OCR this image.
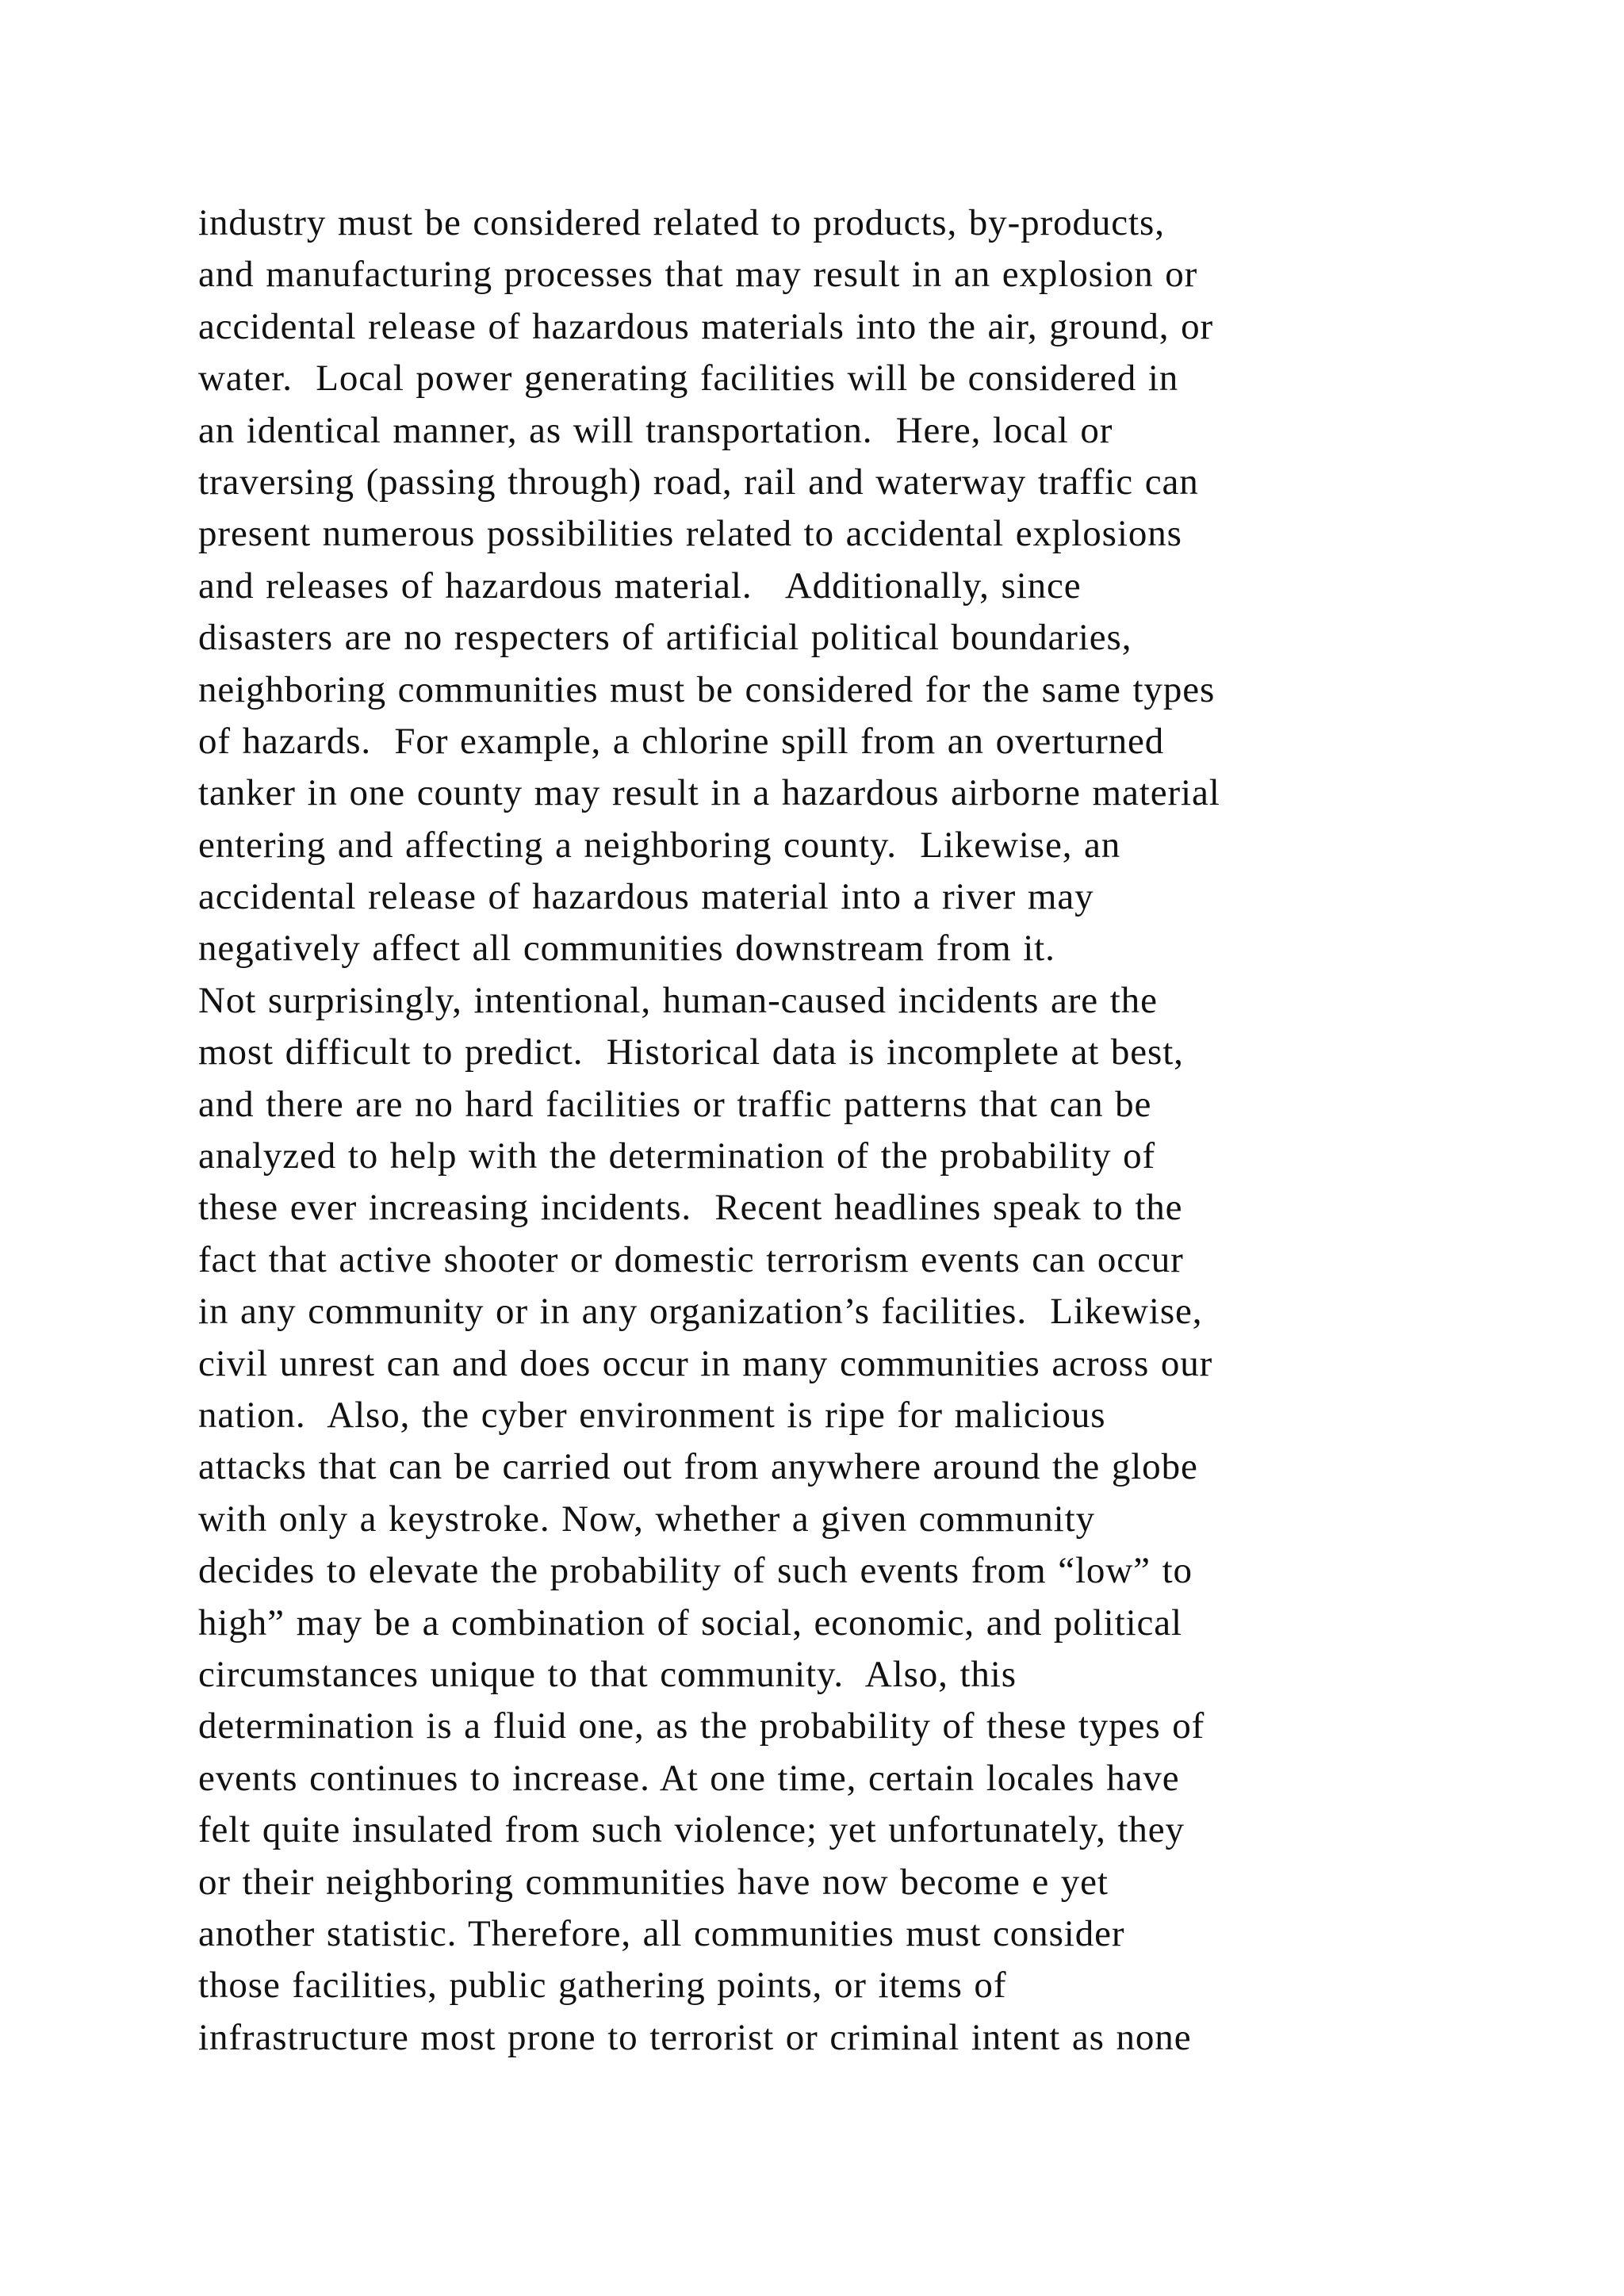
industry must be considered related to products, by-products,
and manufacturing processes that may result in an explosion or
accidental release of hazardous materials into the air, ground, or
water.  Local power generating facilities will be considered in
an identical manner, as will transportation.  Here, local or
traversing (passing through) road, rail and waterway traffic can
present numerous possibilities related to accidental explosions
and releases of hazardous material.   Additionally, since
disasters are no respecters of artificial political boundaries,
neighboring communities must be considered for the same types
of hazards.  For example, a chlorine spill from an overturned
tanker in one county may result in a hazardous airborne material
entering and affecting a neighboring county.  Likewise, an
accidental release of hazardous material into a river may
negatively affect all communities downstream from it.
Not surprisingly, intentional, human-caused incidents are the
most difficult to predict.  Historical data is incomplete at best,
and there are no hard facilities or traffic patterns that can be
analyzed to help with the determination of the probability of
these ever increasing incidents.  Recent headlines speak to the
fact that active shooter or domestic terrorism events can occur
in any community or in any organization’s facilities.  Likewise,
civil unrest can and does occur in many communities across our
nation.  Also, the cyber environment is ripe for malicious
attacks that can be carried out from anywhere around the globe
with only a keystroke. Now, whether a given community
decides to elevate the probability of such events from “low” to
high” may be a combination of social, economic, and political
circumstances unique to that community.  Also, this
determination is a fluid one, as the probability of these types of
events continues to increase. At one time, certain locales have
felt quite insulated from such violence; yet unfortunately, they
or their neighboring communities have now become e yet
another statistic. Therefore, all communities must consider
those facilities, public gathering points, or items of
infrastructure most prone to terrorist or criminal intent as none
